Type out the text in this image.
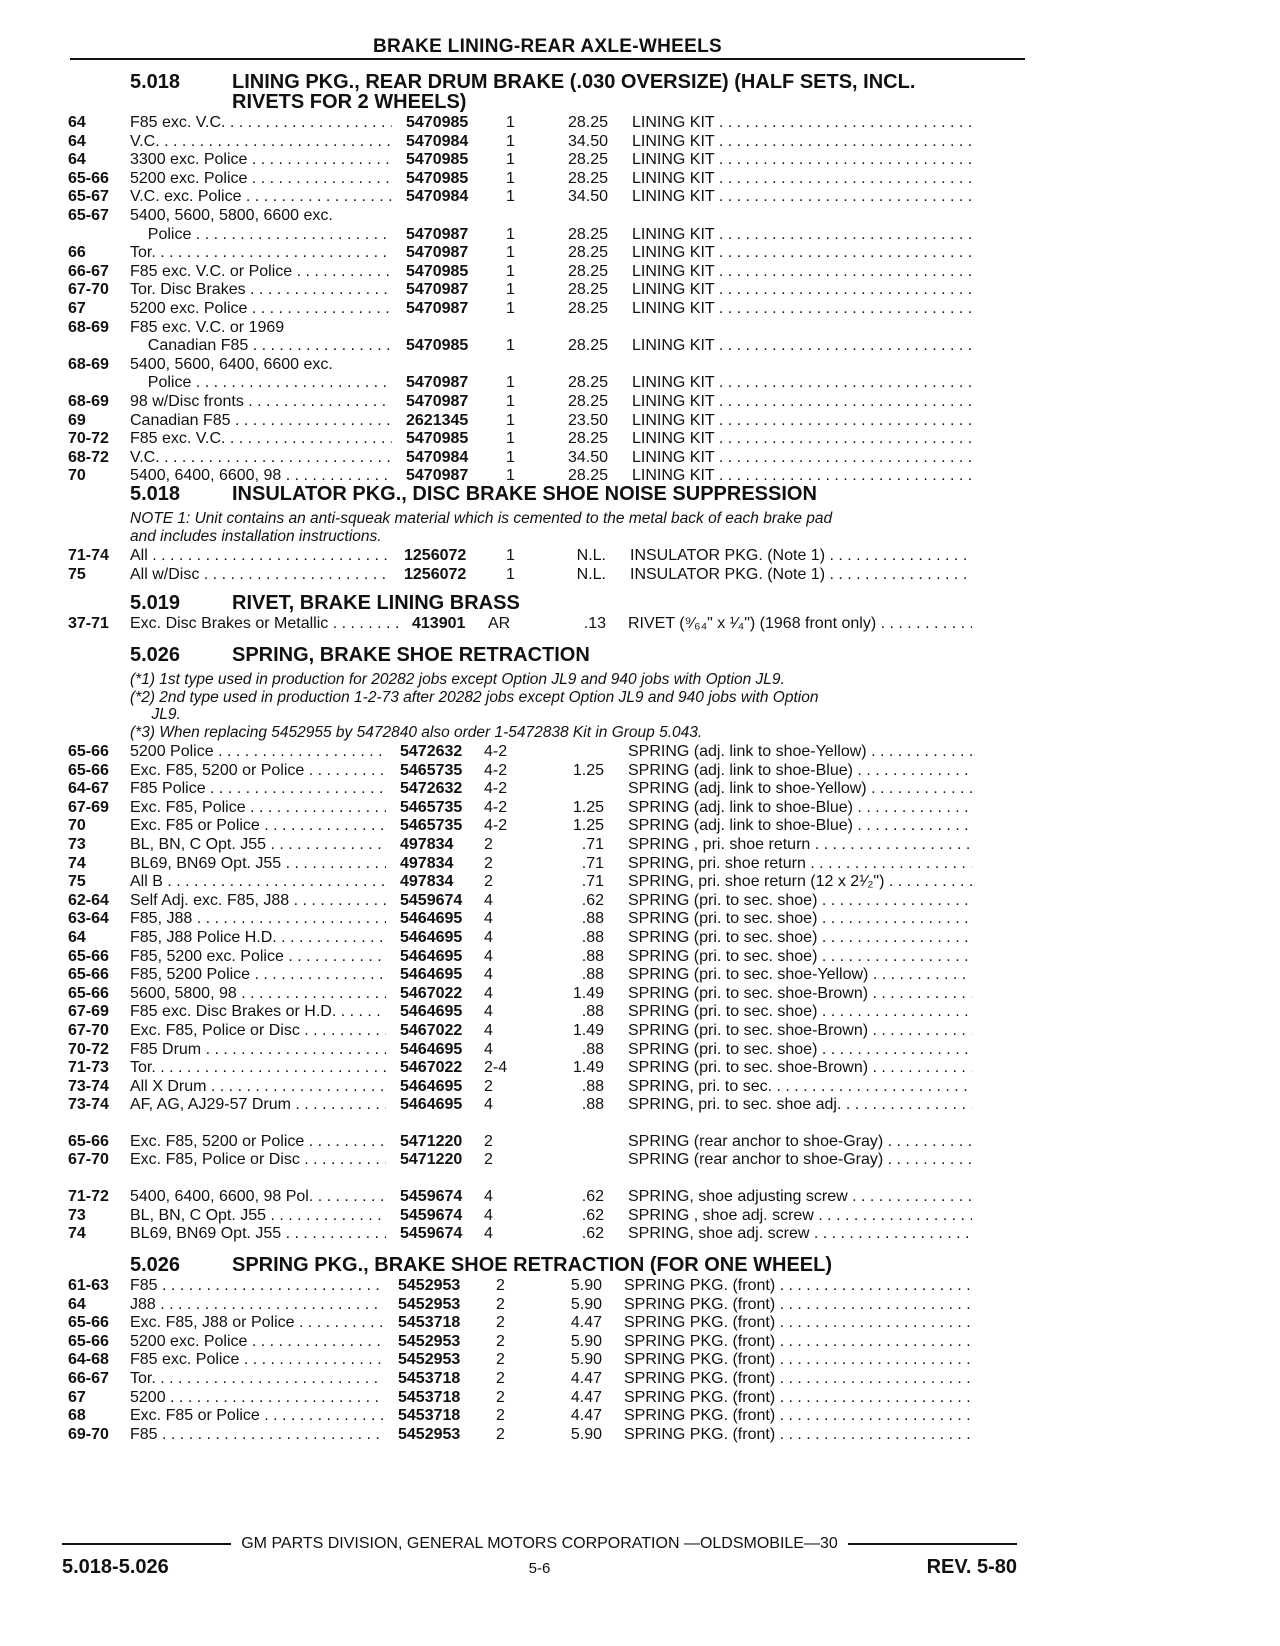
BRAKE LINING-REAR AXLE-WHEELS
5.018	LINING PKG., REAR DRUM BRAKE (.030 OVERSIZE) (HALF SETS, INCL.
RIVETS FOR 2 WHEELS)
64	F85 exc. V.C. . . .	5470985 1	28.25 LINING KIT . . .
64	V.C. . . .	5470984 1	34.50 LINING KIT . . .
64	3300 exc. Police . . .	5470985 1	28.25 LINING KIT . . .
65-66 5200 exc. Police . . .	5470985 1	28.25 LINING KIT . . .
65-67 V.C. exc. Police . . .	5470984 1	34.50 LINING KIT . . .
65-67 5400, 5600, 5800, 6600 exc.
Police . . .	5470987 1	28.25 LINING KIT . . .
66	Tor. . . .	5470987 1	28.25 LINING KIT . . .
66-67 F85 exc. V.C. or Police . . .	5470985 1	28.25 LINING KIT . . .
67-70 Tor. Disc Brakes . . .	5470987 1	28.25 LINING KIT . . .
67	5200 exc. Police . . .	5470987 1	28.25 LINING KIT . . .
68-69 F85 exc. V.C. or 1969
Canadian F85 . . .	5470985 1	28.25 LINING KIT . . .
68-69 5400, 5600, 6400, 6600 exc.
Police . . .	5470987 1	28.25 LINING KIT . . .
68-69 98 w/Disc fronts . . .	5470987 1	28.25 LINING KIT . . .
69	Canadian F85 . . .	2621345 1	23.50 LINING KIT . . .
70-72 F85 exc. V.C. . . .	5470985 1	28.25 LINING KIT . . .
68-72 V.C. . . .	5470984 1	34.50 LINING KIT . . .
70	5400, 6400, 6600, 98 . . .	5470987 1	28.25 LINING KIT . . .
5.018	INSULATOR PKG., DISC BRAKE SHOE NOISE SUPPRESSION
NOTE 1: Unit contains an anti-squeak material which is cemented to the metal back of each brake pad
and includes installation instructions.
71-74 All . . .	1256072 1	N.L. INSULATOR PKG. (Note 1) . . .
75	All w/Disc . . .	1256072 1	N.L. INSULATOR PKG. (Note 1) . . .
5.019	RIVET, BRAKE LINING BRASS
37-71 Exc. Disc Brakes or Metallic . . .	413901 AR	.13 RIVET (⁹⁄₆₄" x ¹⁄₄") (1968 front only) . . .
5.026	SPRING, BRAKE SHOE RETRACTION
(*1) 1st type used in production for 20282 jobs except Option JL9 and 940 jobs with Option JL9.
(*2) 2nd type used in production 1-2-73 after 20282 jobs except Option JL9 and 940 jobs with Option
JL9.
(*3) When replacing 5452955 by 5472840 also order 1-5472838 Kit in Group 5.043.
65-66 5200 Police . . .	5472632 4-2	SPRING (adj. link to shoe-Yellow) . . .
65-66 Exc. F85, 5200 or Police . . .	5465735 4-2	1.25 SPRING (adj. link to shoe-Blue) . . .
64-67 F85 Police . . .	5472632 4-2	SPRING (adj. link to shoe-Yellow) . . .
67-69 Exc. F85, Police . . .	5465735 4-2	1.25 SPRING (adj. link to shoe-Blue) . . .
70	Exc. F85 or Police . . .	5465735 4-2	1.25 SPRING (adj. link to shoe-Blue) . . .
73	BL, BN, C Opt. J55 . . .	497834 2	.71 SPRING , pri. shoe return . . .
74	BL69, BN69 Opt. J55 . . .	497834 2	.71 SPRING, pri. shoe return . . .
75	All B . . .	497834 2	.71 SPRING, pri. shoe return (12 x 2¹⁄₂") . . .
62-64 Self Adj. exc. F85, J88 . . .	5459674 4	.62 SPRING (pri. to sec. shoe) . . .
63-64 F85, J88 . . .	5464695 4	.88 SPRING (pri. to sec. shoe) . . .
64	F85, J88 Police H.D. . . .	5464695 4	.88 SPRING (pri. to sec. shoe) . . .
65-66 F85, 5200 exc. Police . . .	5464695 4	.88 SPRING (pri. to sec. shoe) . . .
65-66 F85, 5200 Police . . .	5464695 4	.88 SPRING (pri. to sec. shoe-Yellow) . . .
65-66 5600, 5800, 98 . . .	5467022 4	1.49 SPRING (pri. to sec. shoe-Brown) . . .
67-69 F85 exc. Disc Brakes or H.D. . . .	5464695 4	.88 SPRING (pri. to sec. shoe) . . .
67-70 Exc. F85, Police or Disc . . .	5467022 4	1.49 SPRING (pri. to sec. shoe-Brown) . . .
70-72 F85 Drum . . .	5464695 4	.88 SPRING (pri. to sec. shoe) . . .
71-73 Tor. . . .	5467022 2-4	1.49 SPRING (pri. to sec. shoe-Brown) . . .
73-74 All X Drum . . .	5464695 2	.88 SPRING, pri. to sec. . . .
73-74 AF, AG, AJ29-57 Drum . . .	5464695 4	.88 SPRING, pri. to sec. shoe adj. . . .
65-66 Exc. F85, 5200 or Police . . .	5471220 2	SPRING (rear anchor to shoe-Gray) . . .
67-70 Exc. F85, Police or Disc . . .	5471220 2	SPRING (rear anchor to shoe-Gray) . . .
71-72 5400, 6400, 6600, 98 Pol. . . .	5459674 4	.62 SPRING, shoe adjusting screw . . .
73	BL, BN, C Opt. J55 . . .	5459674 4	.62 SPRING , shoe adj. screw . . .
74	BL69, BN69 Opt. J55 . . .	5459674 4	.62 SPRING, shoe adj. screw . . .
5.026	SPRING PKG., BRAKE SHOE RETRACTION (FOR ONE WHEEL)
61-63 F85 . . .	5452953 2	5.90 SPRING PKG. (front) . . .
64	J88 . . .	5452953 2	5.90 SPRING PKG. (front) . . .
65-66 Exc. F85, J88 or Police . . .	5453718 2	4.47 SPRING PKG. (front) . . .
65-66 5200 exc. Police . . .	5452953 2	5.90 SPRING PKG. (front) . . .
64-68 F85 exc. Police . . .	5452953 2	5.90 SPRING PKG. (front) . . .
66-67 Tor. . . .	5453718 2	4.47 SPRING PKG. (front) . . .
67	5200 . . .	5453718 2	4.47 SPRING PKG. (front) . . .
68	Exc. F85 or Police . . .	5453718 2	4.47 SPRING PKG. (front) . . .
69-70 F85 . . .	5452953 2	5.90 SPRING PKG. (front) . . .
GM PARTS DIVISION, GENERAL MOTORS CORPORATION —OLDSMOBILE—30
5.018-5.026	5-6	REV. 5-80
